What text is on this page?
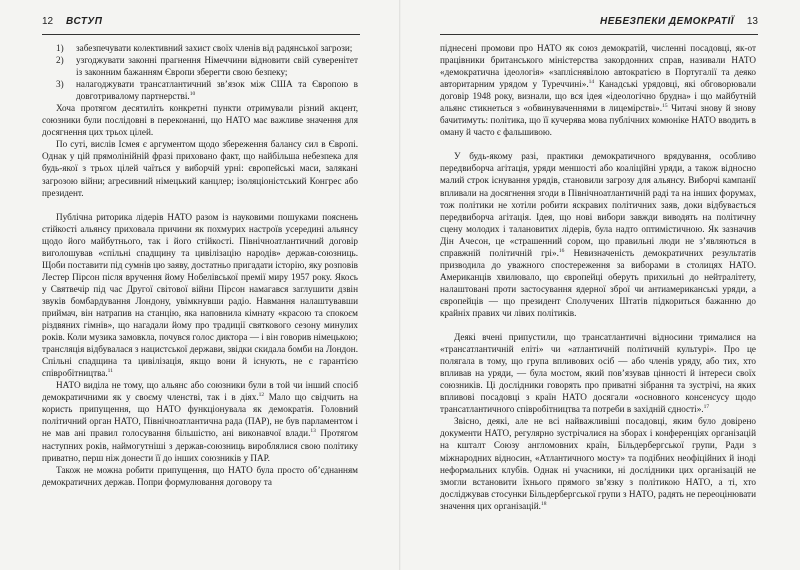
12 ВСТУП
1)	забезпечувати колективний захист своїх членів від радянської загрози;
2)	узгоджувати законні прагнення Німеччини відновити свій суверенітет із законним бажанням Європи зберегти свою безпеку;
3)	налагоджувати трансатлантичний зв’язок між США та Європою в довготривалому партнерстві.$^{10}$

Хоча протягом десятиліть конкретні пункти отримували різний акцент, союзники були послідовні в переконанні, що НАТО має важливе значення для досягнення цих трьох цілей.

По суті, вислів Ісмея є аргументом щодо збереження балансу сил в Європі. Однак у цій прямолінійній фразі приховано факт, що найбільша небезпека для будь-якої з трьох цілей чаїться у виборчій урні: європейські маси, залякані загрозою війни; агресивний німецький канцлер; ізоляціоністський Конгрес або президент.

Публічна риторика лідерів НАТО разом із науковими пошуками пояснень стійкості альянсу приховала причини як похмурих настроїв усередині альянсу щодо його майбутнього, так і його стійкості. Північноатлантичний договір виголошував «спільні спадщину та цивілізацію народів» держав-союзниць. Щоби поставити під сумнів цю заяву, достатньо пригадати історію, яку розповів Лестер Пірсон після вручення йому Нобелівської премії миру 1957 року. Якось у Святвечір під час Другої світової війни Пірсон намагався заглушити дзвін звуків бомбардування Лондону, увімкнувши радіо. Навмання налаштувавши приймач, він натрапив на станцію, яка наповнила кімнату «красою та спокоєм різдвяних гімнів», що нагадали йому про традиції святкового сезону минулих років. Коли музика замовкла, почувся голос диктора — і він говорив німецькою; трансляція відбувалася з нацистської держави, звідки скидала бомби на Лондон. Спільні спадщина та цивілізація, якщо вони й існують, не є гарантією співробітництва.$^{11}$

НАТО виділа не тому, що альянс або союзники були в той чи інший спосіб демократичними як у своєму членстві, так і в діях.$^{12}$ Мало що свідчить на користь припущення, що НАТО функціонувала як демократія. Головний політичний орган НАТО, Північноатлантична рада (ПАР), не був парламентом і не мав ані правил голосування більшістю, ані виконавчої влади.$^{13}$ Протягом наступних років, наймогутніші з держав-союзниць вироблялися свою політику приватно, перш ніж донести її до інших союзників у ПАР.

Також не можна робити припущення, що НАТО була просто об’єднанням демократичних держав. Попри формулювання договору та

НЕБЕЗПЕКИ ДЕМОКРАТІЇ 13

піднесені промови про НАТО як союз демократій, численні посадовці, як-от працівники британського міністерства закордонних справ, називали НАТО «демократична ідеологія» «запліснявілою автократією в Португалії та деяко авторитарним урядом у Туреччині».$^{14}$ Канадські урядовці, які обговорювали договір 1948 року, визнали, що вся ідея «ідеологічно брудна» і що майбутній альянс стикнеться з «обвинуваченнями в лицемірстві».$^{15}$ Читачі знову й знову бачитимуть: політика, що її кучерява мова публічних комюніке НАТО вводить в оману й часто є фальшивою.

У будь-якому разі, практики демократичного врядування, особливо передвиборча агітація, уряди меншості або коаліційні уряди, а також відносно малий строк існування урядів, становили загрозу для альянсу. Виборчі кампанії впливали на досягнення згоди в Північноатлантичній раді та на інших форумах, тож політики не хотіли робити яскравих політичних заяв, доки відбувається передвиборча агітація. Ідея, що нові вибори завжди виводять на політичну сцену молодих і талановитих лідерів, була надто оптимістичною. Як зазначив Дін Ачесон, це «страшенний сором, що правильні люди не з’являються в справжній політичній грі».$^{16}$ Невизначеність демократичних результатів призводила до уважного спостереження за виборами в столицях НАТО. Американців хвилювало, що європейці оберуть прихильні до нейтралітету, налаштовані проти застосування ядерної зброї чи антиамериканські уряди, а європейців — що президент Сполучених Штатів підкориться бажанню до крайніх правих чи лівих політиків.

Деякі вчені припустили, що трансатлантичні відносини трималися на «трансатлантичній еліті» чи «атлантичній політичній культурі». Про це полягала в тому, що група впливових осіб — або членів уряду, або тих, хто впливав на уряди, — була мостом, який пов’язував цінності й інтереси своїх союзників. Ці дослідники говорять про приватні зібрання та зустрічі, на яких впливові посадовці з країн НАТО досягали «основного консенсусу щодо трансатлантичного співробітництва та потреби в західній єдності».$^{17}$

Звісно, деякі, але не всі найважливіші посадовці, яким було довірено документи НАТО, регулярно зустрічалися на зборах і конференціях організацій на кшталт Союзу англомовних країн, Більдербергської групи, Ради з міжнародних відносин, «Атлантичного мосту» та подібних неофіційних й іноді неформальних клубів. Однак ні учасники, ні дослідники цих організацій не змогли встановити їхнього прямого зв’язку з політикою НАТО, а ті, хто досліджував стосунки Більдербергської групи з НАТО, радять не переоцінювати значення цих організацій.$^{18}$
